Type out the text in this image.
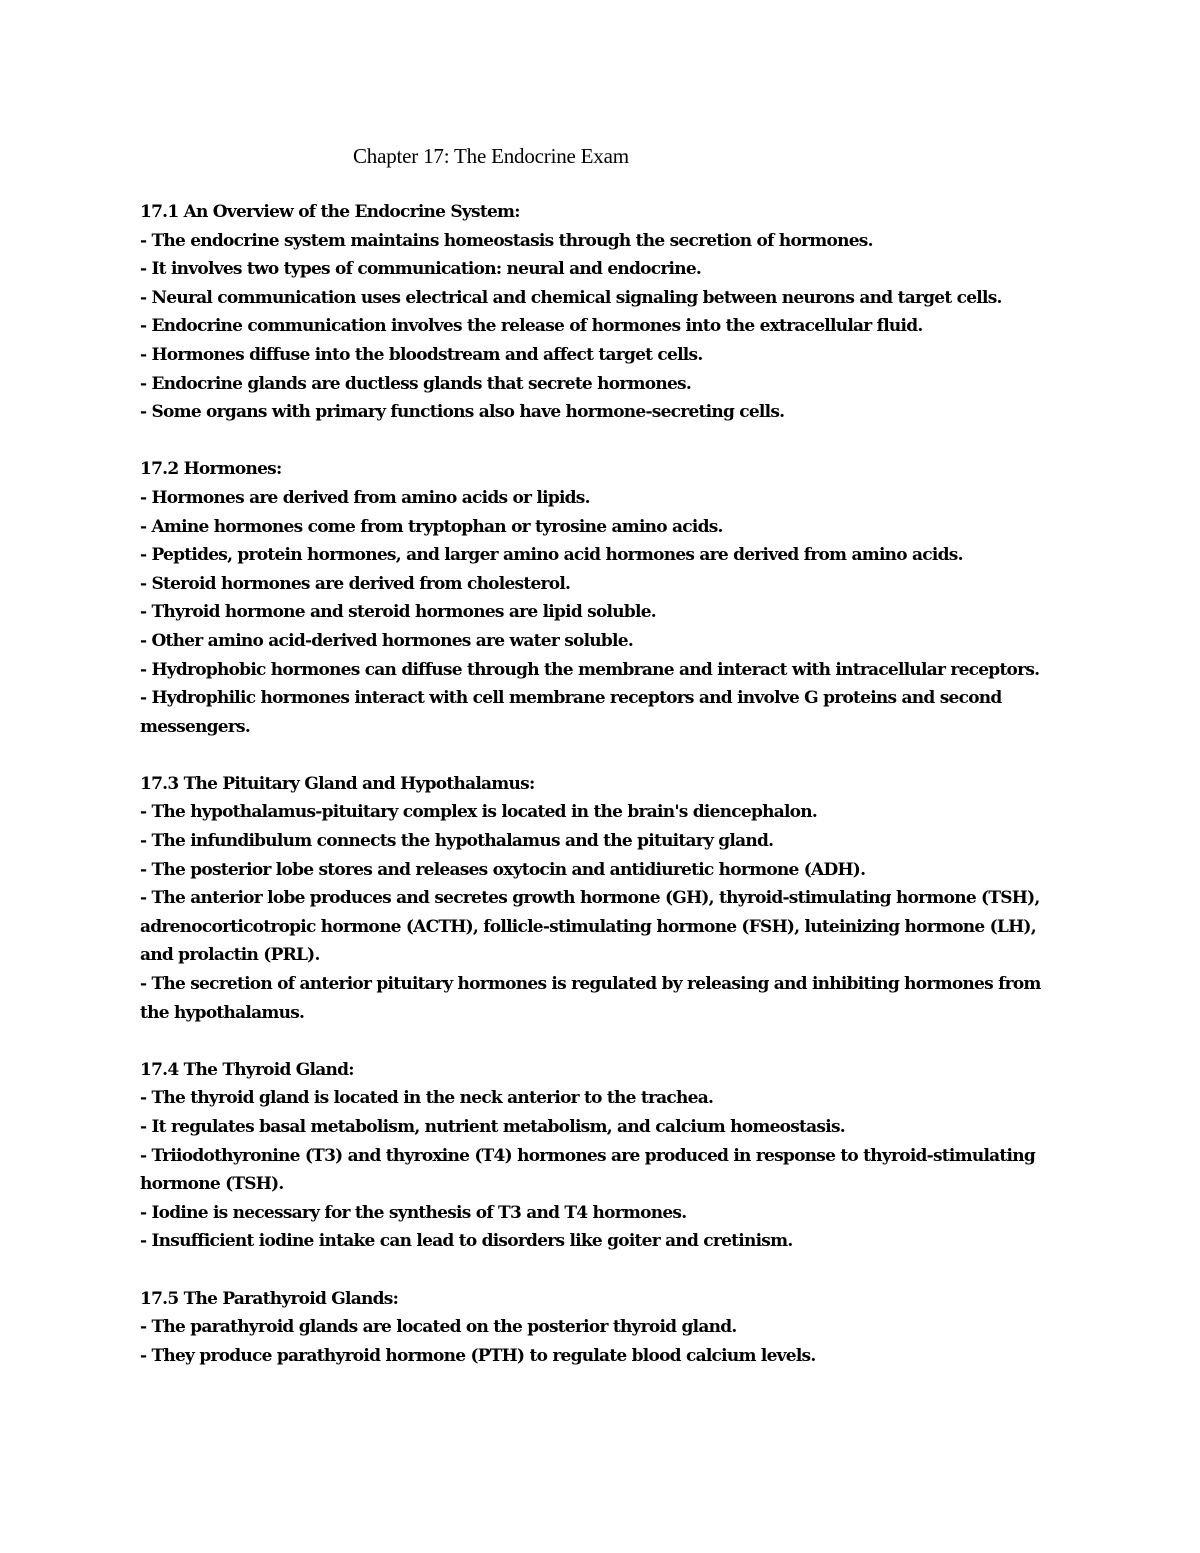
Chapter 17: The Endocrine Exam

17.1 An Overview of the Endocrine System:

- The endocrine system maintains homeostasis through the secretion of hormones.
- It involves two types of communication: neural and endocrine.
- Neural communication uses electrical and chemical signaling between neurons and target cells.
- Endocrine communication involves the release of hormones into the extracellular fluid.
- Hormones diffuse into the bloodstream and affect target cells.
- Endocrine glands are ductless glands that secrete hormones.
- Some organs with primary functions also have hormone-secreting cells.

17.2 Hormones:

- Hormones are derived from amino acids or lipids.
- Amine hormones come from tryptophan or tyrosine amino acids.
- Peptides, protein hormones, and larger amino acid hormones are derived from amino acids.
- Steroid hormones are derived from cholesterol.
- Thyroid hormone and steroid hormones are lipid soluble.
- Other amino acid-derived hormones are water soluble.
- Hydrophobic hormones can diffuse through the membrane and interact with intracellular receptors.
- Hydrophilic hormones interact with cell membrane receptors and involve G proteins and second messengers.

17.3 The Pituitary Gland and Hypothalamus:

- The hypothalamus-pituitary complex is located in the brain's diencephalon.
- The infundibulum connects the hypothalamus and the pituitary gland.
- The posterior lobe stores and releases oxytocin and antidiuretic hormone (ADH).
- The anterior lobe produces and secretes growth hormone (GH), thyroid-stimulating hormone (TSH), adrenocorticotropic hormone (ACTH), follicle-stimulating hormone (FSH), luteinizing hormone (LH), and prolactin (PRL).
- The secretion of anterior pituitary hormones is regulated by releasing and inhibiting hormones from the hypothalamus.

17.4 The Thyroid Gland:

- The thyroid gland is located in the neck anterior to the trachea.
- It regulates basal metabolism, nutrient metabolism, and calcium homeostasis.
- Triiodothyronine (T3) and thyroxine (T4) hormones are produced in response to thyroid-stimulating hormone (TSH).
- Iodine is necessary for the synthesis of T3 and T4 hormones.
- Insufficient iodine intake can lead to disorders like goiter and cretinism.

17.5 The Parathyroid Glands:

- The parathyroid glands are located on the posterior thyroid gland.
- They produce parathyroid hormone (PTH) to regulate blood calcium levels.
